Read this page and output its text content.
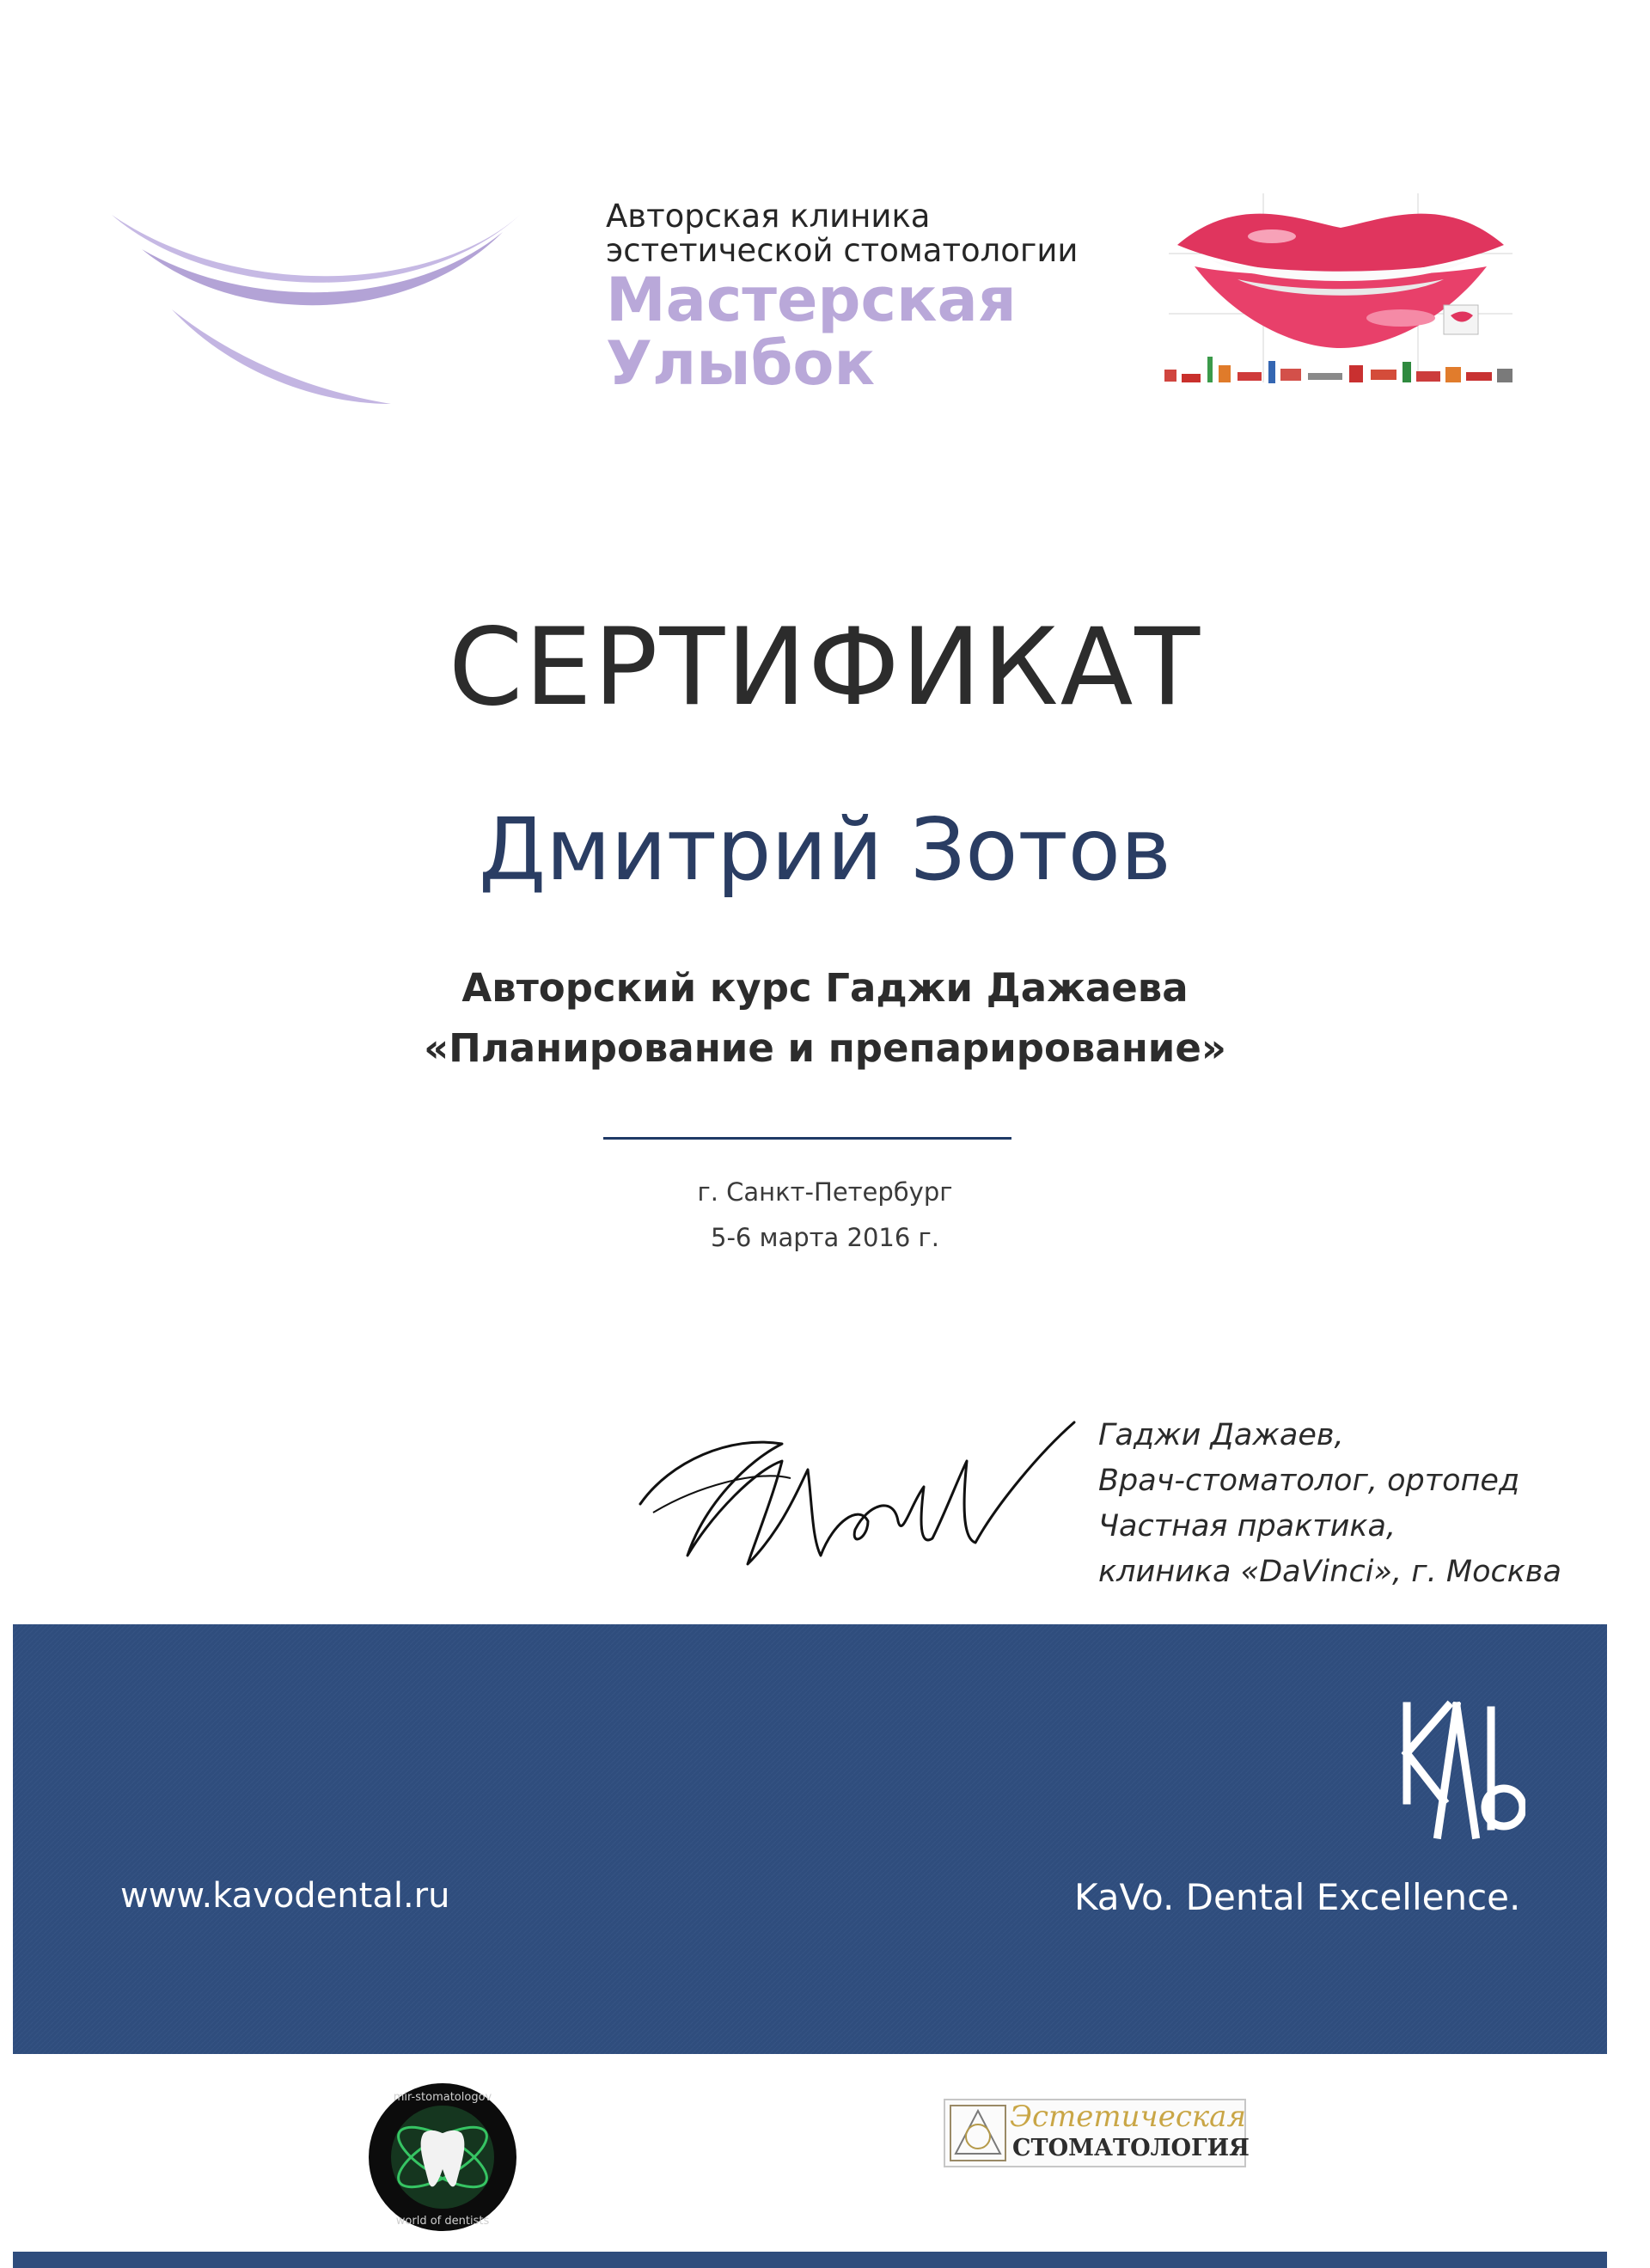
Авторская клиника
эстетической стоматологии
Мастерская
Улыбок
СЕРТИФИКАТ
Дмитрий Зотов
Авторский курс Гаджи Дажаева
«Планирование и препарирование»
г. Санкт-Петербург
5-6 марта 2016 г.
Гаджи Дажаев,
Врач-стоматолог, ортопед
Частная практика,
клиника «DaVinci», г. Москва
www.kavodental.ru	KaVo. Dental Excellence.
mir-stomatologov
world of dentists
Эстетическая
СТОМАТОЛОГИЯ
